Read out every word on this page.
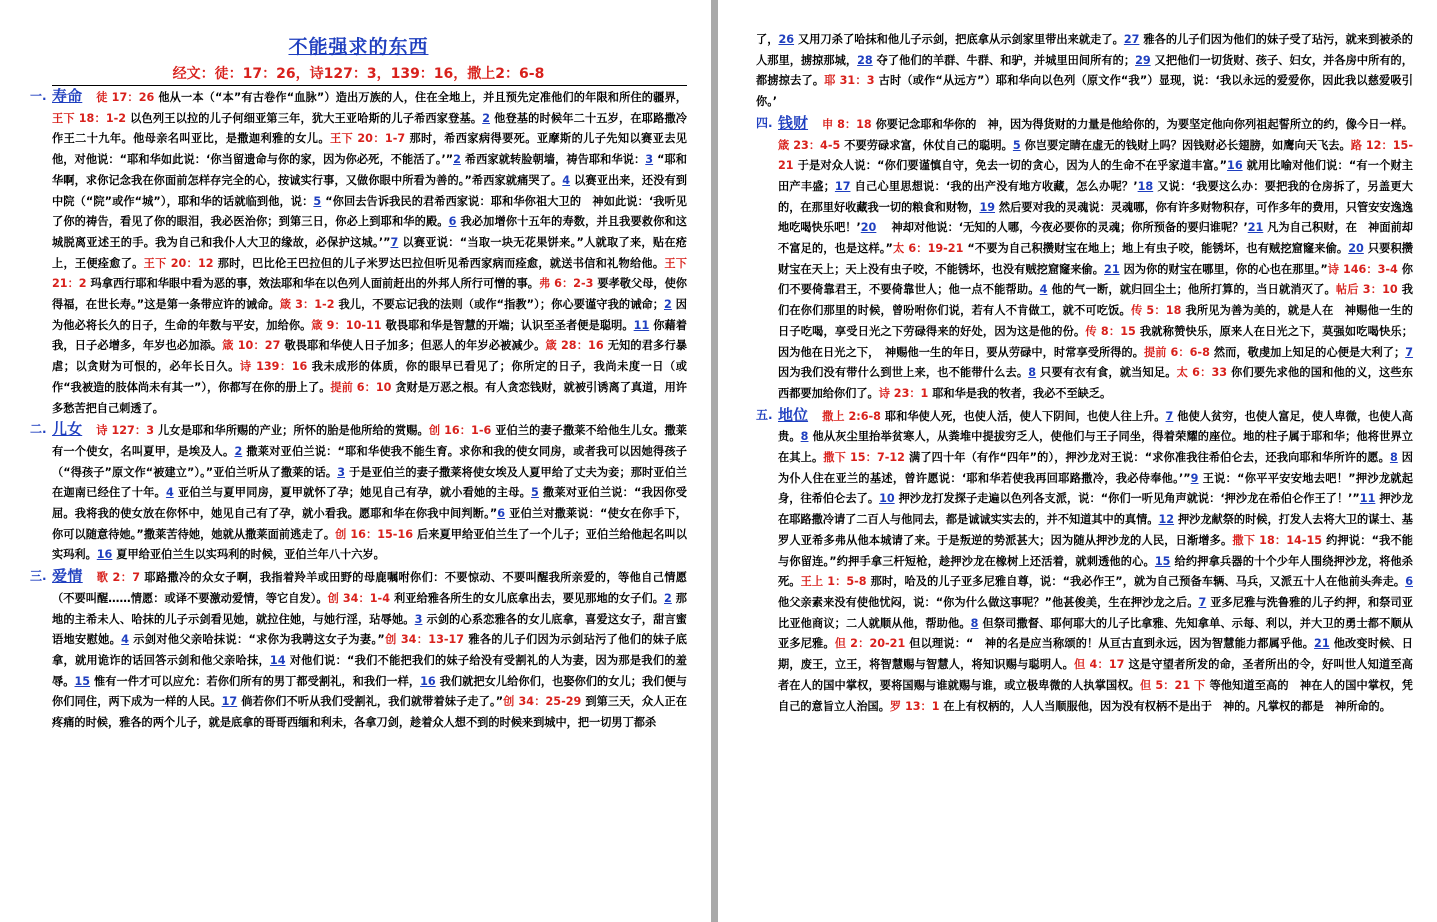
不能强求的东西
经文：徒：17：26，诗127：3，139：16，撒上2：6-8
一. 寿命 徒 17：26 他从一本（“本”有古卷作“血脉”）造出万族的人，住在全地上，并且预先定准他们的年限和所住的疆界，王下 18：1-2 以色列王以拉的儿子何细亚第三年，犹大王亚哈斯的儿子希西家登基。2 他登基的时候年二十五岁，在耶路撒冷作王二十九年。他母亲名叫亚比，是撒迦利雅的女儿。王下 20：1-7 那时，希西家病得要死。亚摩斯的儿子先知以赛亚去见他，对他说：“耶和华如此说：‘你当留遗命与你的家，因为你必死，不能活了。’”2 希西家就转脸朝墙，祷告耶和华说：3 “耶和华啊，求你记念我在你面前怎样存完全的心，按诚实行事，又做你眼中所看为善的。”希西家就痛哭了。4 以赛亚出来，还没有到中院（“院”或作“城”），耶和华的话就临到他，说：5 “你回去告诉我民的君希西家说：耶和华你祖大卫的　神如此说：‘我听见了你的祷告，看见了你的眼泪，我必医治你；到第三日，你必上到耶和华的殿。6 我必加增你十五年的寿数，并且我要救你和这城脱离亚述王的手。我为自己和我仆人大卫的缘故，必保护这城。’”7 以赛亚说：“当取一块无花果饼来。”人就取了来，贴在疮上，王便痊愈了。王下 20：12 那时，巴比伦王巴拉但的儿子米罗达巴拉但听见希西家病而痊愈，就送书信和礼物给他。王下 21：2 玛拿西行耶和华眼中看为恶的事，效法耶和华在以色列人面前赶出的外邦人所行可憎的事。弗 6：2-3 要孝敬父母，使你得福，在世长寿。”这是第一条带应许的诫命。箴 3：1-2 我儿，不要忘记我的法则（或作“指教”）；你心要谨守我的诫命；2 因为他必将长久的日子，生命的年数与平安，加给你。箴 9：10-11 敬畏耶和华是智慧的开端；认识至圣者便是聪明。11 你藉着我，日子必增多，年岁也必加添。箴 10：27 敬畏耶和华使人日子加多；但恶人的年岁必被减少。箴 28：16 无知的君多行暴虐；以贪财为可恨的，必年长日久。诗 139：16 我未成形的体质，你的眼早已看见了；你所定的日子，我尚未度一日（或作“我被造的肢体尚未有其一”），你都写在你的册上了。提前 6：10 贪财是万恶之根。有人贪恋钱财，就被引诱离了真道，用许多愁苦把自己刺透了。

二. 儿女 诗 127：3 儿女是耶和华所赐的产业；所怀的胎是他所给的赏赐。创 16：1-6 亚伯兰的妻子撒莱不给他生儿女。撒莱有一个使女，名叫夏甲，是埃及人。2 撒莱对亚伯兰说：“耶和华使我不能生育。求你和我的使女同房，或者我可以因她得孩子（“得孩子”原文作“被建立”）。”亚伯兰听从了撒莱的话。3 于是亚伯兰的妻子撒莱将使女埃及人夏甲给了丈夫为妾；那时亚伯兰在迦南已经住了十年。4 亚伯兰与夏甲同房，夏甲就怀了孕；她见自己有孕，就小看她的主母。5 撒莱对亚伯兰说：“我因你受屈。我将我的使女放在你怀中，她见自己有了孕，就小看我。愿耶和华在你我中间判断。”6 亚伯兰对撒莱说：“使女在你手下，你可以随意待她。”撒莱苦待她，她就从撒莱面前逃走了。创 16：15-16 后来夏甲给亚伯兰生了一个儿子；亚伯兰给他起名叫以实玛利。16 夏甲给亚伯兰生以实玛利的时候，亚伯兰年八十六岁。

三. 爱情 歌 2：7 耶路撒冷的众女子啊，我指着羚羊或田野的母鹿嘱咐你们：不要惊动、不要叫醒我所亲爱的，等他自己情愿（不要叫醒……情愿：或译不要激动爱情，等它自发）。创 34：1-4 利亚给雅各所生的女儿底拿出去，要见那地的女子们。2 那地的主希未人、哈抹的儿子示剑看见她，就拉住她，与她行淫，玷辱她。3 示剑的心系恋雅各的女儿底拿，喜爱这女子，甜言蜜语地安慰她。4 示剑对他父亲哈抹说：“求你为我聘这女子为妻。”创 34：13-17 雅各的儿子们因为示剑玷污了他们的妹子底拿，就用诡诈的话回答示剑和他父亲哈抹，14 对他们说：“我们不能把我们的妹子给没有受割礼的人为妻，因为那是我们的羞辱。15 惟有一件才可以应允：若你们所有的男丁都受割礼，和我们一样，16 我们就把女儿给你们，也娶你们的女儿；我们便与你们同住，两下成为一样的人民。17 倘若你们不听从我们受割礼，我们就带着妹子走了。”创 34：25-29 到第三天，众人正在疼痛的时候，雅各的两个儿子，就是底拿的哥哥西缅和利未，各拿刀剑，趁着众人想不到的时候来到城中，把一切男丁都杀

了，26 又用刀杀了哈抹和他儿子示剑，把底拿从示剑家里带出来就走了。27 雅各的儿子们因为他们的妹子受了玷污，就来到被杀的人那里，掳掠那城，28 夺了他们的羊群、牛群、和驴，并城里田间所有的；29 又把他们一切货财、孩子、妇女，并各房中所有的，都掳掠去了。耶 31：3 古时（或作“从远方”）耶和华向以色列（原文作“我”）显现，说：‘我以永远的爱爱你，因此我以慈爱吸引你。’

四. 钱财 申 8：18 你要记念耶和华你的　神，因为得货财的力量是他给你的，为要坚定他向你列祖起誓所立的约，像今日一样。箴 23：4-5 不要劳碌求富，休仗自己的聪明。5 你岂要定睛在虚无的钱财上吗？因钱财必长翅膀，如鹰向天飞去。路 12：15-21 于是对众人说：“你们要谨慎自守，免去一切的贪心，因为人的生命不在乎家道丰富。”16 就用比喻对他们说：“有一个财主田产丰盛；17 自己心里思想说：‘我的出产没有地方收藏，怎么办呢？’18 又说：‘我要这么办：要把我的仓房拆了，另盖更大的，在那里好收藏我一切的粮食和财物，19 然后要对我的灵魂说：灵魂哪，你有许多财物积存，可作多年的费用，只管安安逸逸地吃喝快乐吧！’20 　神却对他说：‘无知的人哪，今夜必要你的灵魂；你所预备的要归谁呢？’21 凡为自己积财，在　神面前却不富足的，也是这样。”太 6：19-21 “不要为自己积攒财宝在地上；地上有虫子咬，能锈坏，也有贼挖窟窿来偷。20 只要积攒财宝在天上；天上没有虫子咬，不能锈坏，也没有贼挖窟窿来偷。21 因为你的财宝在哪里，你的心也在那里。”诗 146：3-4 你们不要倚靠君王，不要倚靠世人；他一点不能帮助。4 他的气一断，就归回尘土；他所打算的，当日就消灭了。帖后 3：10 我们在你们那里的时候，曾吩咐你们说，若有人不肯做工，就不可吃饭。传 5：18 我所见为善为美的，就是人在　神赐他一生的日子吃喝，享受日光之下劳碌得来的好处，因为这是他的份。传 8：15 我就称赞快乐，原来人在日光之下，莫强如吃喝快乐；因为他在日光之下，　神赐他一生的年日，要从劳碌中，时常享受所得的。提前 6：6-8 然而，敬虔加上知足的心便是大利了；7 因为我们没有带什么到世上来，也不能带什么去。8 只要有衣有食，就当知足。太 6：33 你们要先求他的国和他的义，这些东西都要加给你们了。诗 23：1 耶和华是我的牧者，我必不至缺乏。

五. 地位 撒上 2:6-8 耶和华使人死，也使人活，使人下阴间，也使人往上升。7 他使人贫穷，也使人富足，使人卑微，也使人高贵。8 他从灰尘里抬举贫寒人，从粪堆中提拔穷乏人，使他们与王子同坐，得着荣耀的座位。地的柱子属于耶和华；他将世界立在其上。撒下 15：7-12 满了四十年（有作“四年”的），押沙龙对王说：“求你准我往希伯仑去，还我向耶和华所许的愿。8 因为仆人住在亚兰的基述，曾许愿说：‘耶和华若使我再回耶路撒冷，我必侍奉他。’”9 王说：“你平平安安地去吧！”押沙龙就起身，往希伯仑去了。10 押沙龙打发探子走遍以色列各支派，说：“你们一听见角声就说：‘押沙龙在希伯仑作王了！’”11 押沙龙在耶路撒冷请了二百人与他同去，都是诚诚实实去的，并不知道其中的真情。12 押沙龙献祭的时候，打发人去将大卫的谋士、基罗人亚希多弗从他本城请了来。于是叛逆的势派甚大；因为随从押沙龙的人民，日渐增多。撒下 18：14-15 约押说：“我不能与你留连。”约押手拿三杆短枪，趁押沙龙在橡树上还活着，就刺透他的心。15 给约押拿兵器的十个少年人围绕押沙龙，将他杀死。王上 1：5-8 那时，哈及的儿子亚多尼雅自尊，说：“我必作王”，就为自己预备车辆、马兵，又派五十人在他前头奔走。6 他父亲素来没有使他忧闷，说：“你为什么做这事呢？”他甚俊美，生在押沙龙之后。7 亚多尼雅与洗鲁雅的儿子约押，和祭司亚比亚他商议；二人就顺从他，帮助他。8 但祭司撒督、耶何耶大的儿子比拿雅、先知拿单、示每、利以，并大卫的勇士都不顺从亚多尼雅。但 2：20-21 但以理说：“　神的名是应当称颂的！从亘古直到永远，因为智慧能力都属乎他。21 他改变时候、日期，废王，立王，将智慧赐与智慧人，将知识赐与聪明人。但 4：17 这是守望者所发的命，圣者所出的令，好叫世人知道至高者在人的国中掌权，要将国赐与谁就赐与谁，或立极卑微的人执掌国权。但 5：21 下 等他知道至高的　神在人的国中掌权，凭自己的意旨立人治国。罗 13：1 在上有权柄的，人人当顺服他，因为没有权柄不是出于　神的。凡掌权的都是　神所命的。
